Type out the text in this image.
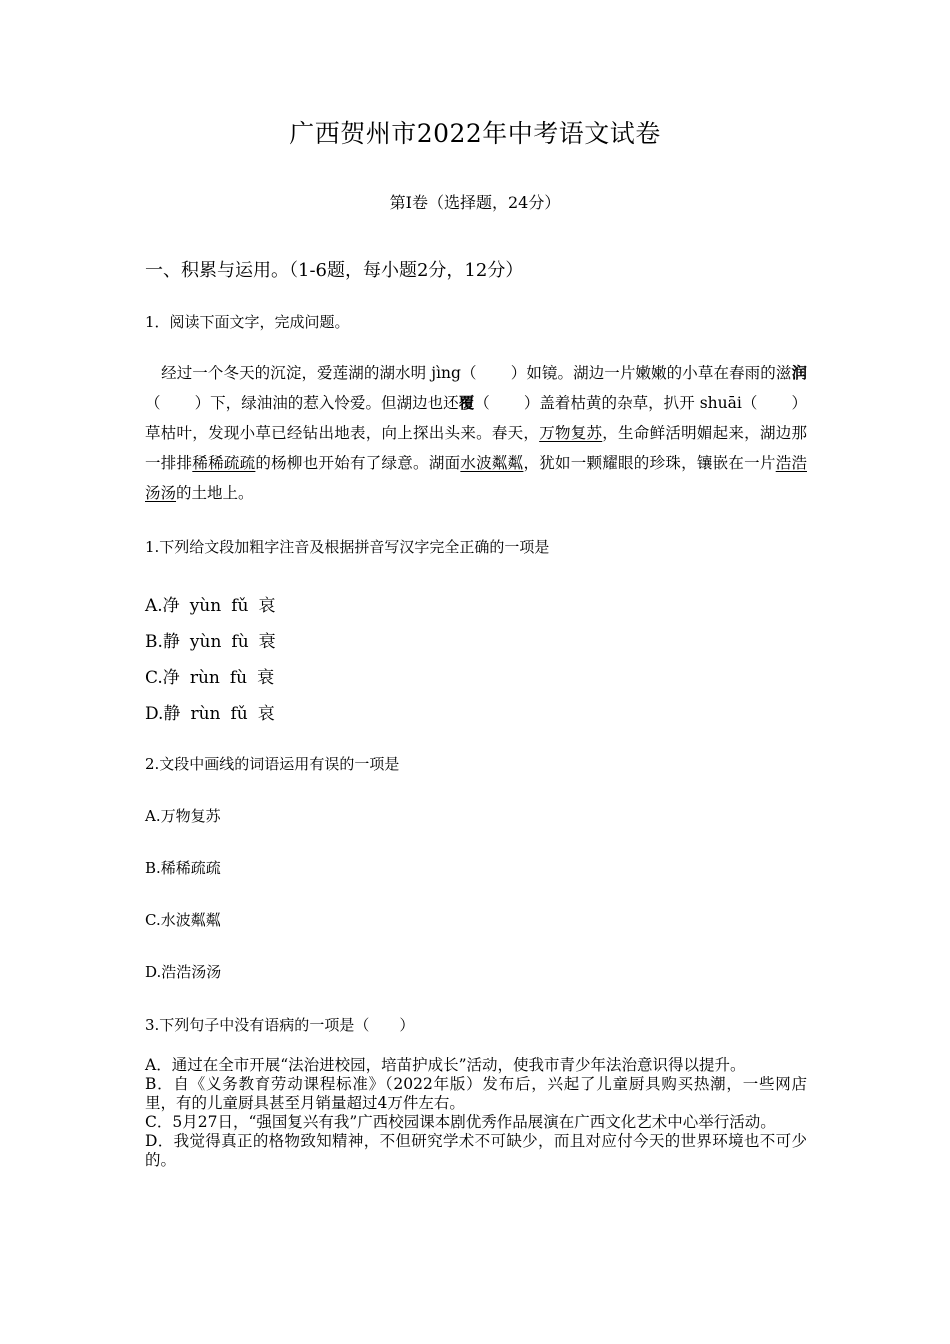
广西贺州市2022年中考语文试卷
第Ⅰ卷（选择题，24分）
一、积累与运用。（1-6题，每小题2分，12分）
1．阅读下面文字，完成问题。
经过一个冬天的沉淀，爱莲湖的湖水明 jìng（ ）如镜。湖边一片嫩嫩的小草在春雨的滋润（ ）下，绿油油的惹入怜爱。但湖边也还覆（ ）盖着枯黄的杂草，扒开 shuāi（ ）草枯叶，发现小草已经钻出地表，向上探出头来。春天，万物复苏，生命鲜活明媚起来，湖边那一排排稀稀疏疏的杨柳也开始有了绿意。湖面水波粼粼，犹如一颗耀眼的珍珠，镶嵌在一片浩浩汤汤的土地上。
1.下列给文段加粗字注音及根据拼音写汉字完全正确的一项是
A.净 yùn fǔ 哀
B.静 yùn fù 衰
C.净 rùn fù 衰
D.静 rùn fǔ 哀
2.文段中画线的词语运用有误的一项是
A.万物复苏
B.稀稀疏疏
C.水波粼粼
D.浩浩汤汤
3.下列句子中没有语病的一项是（　　）
A．通过在全市开展“法治进校园，培苗护成长”活动，使我市青少年法治意识得以提升。
B．自《义务教育劳动课程标准》（2022年版）发布后，兴起了儿童厨具购买热潮，一些网店里，有的儿童厨具甚至月销量超过4万件左右。
C．5月27日，“强国复兴有我”广西校园课本剧优秀作品展演在广西文化艺术中心举行活动。
D．我觉得真正的格物致知精神，不但研究学术不可缺少，而且对应付今天的世界环境也不可少的。
